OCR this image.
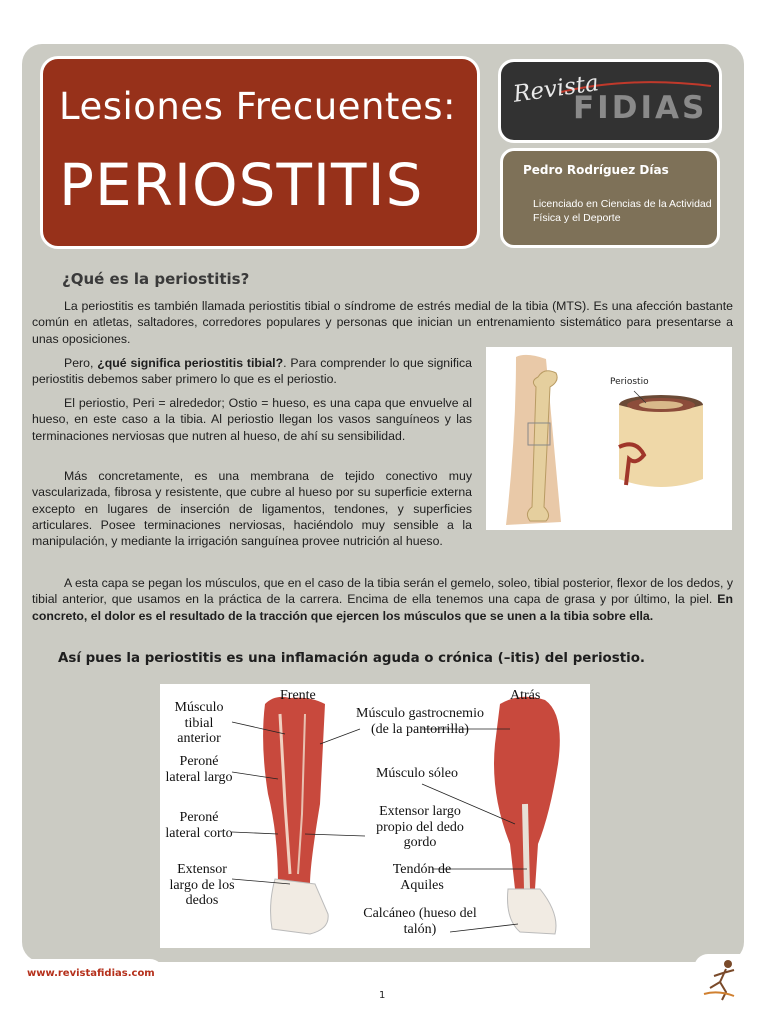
Lesiones Frecuentes:
PERIOSTITIS
Revista
FIDIAS
Pedro Rodríguez Días
Licenciado en Ciencias de la Actividad Física y el Deporte
¿Qué es la periostitis?

La periostitis es también llamada periostitis tibial o síndrome de estrés medial de la tibia (MTS). Es una afección bastante común en atletas, saltadores, corredores populares y personas que inician un entrenamiento sistemático para presentarse a unas oposiciones.

Pero, ¿qué significa periostitis tibial?. Para comprender lo que significa periostitis debemos saber primero lo que es el periostio.

El periostio, Peri = alrededor; Ostio = hueso, es una capa que envuelve al hueso, en este caso a la tibia. Al periostio llegan los vasos sanguíneos y las terminaciones nerviosas que nutren al hueso, de ahí su sensibilidad.

Más concretamente, es una membrana de tejido conectivo muy vascularizada, fibrosa y resistente, que cubre al hueso por su superficie externa excepto en lugares de inserción de ligamentos, tendones, y superficies articulares. Posee terminaciones nerviosas, haciéndolo muy sensible a la manipulación, y mediante la irrigación sanguínea provee nutrición al hueso.

A esta capa se pegan los músculos, que en el caso de la tibia serán el gemelo, soleo, tibial posterior, flexor de los dedos, y tibial anterior, que usamos en la práctica de la carrera. Encima de ella tenemos una capa de grasa y por último, la piel. En concreto, el dolor es el resultado de la tracción que ejercen los músculos que se unen a la tibia sobre ella.

Así pues la periostitis es una inflamación aguda o crónica (–itis) del periostio.
Periostio
Frente	Atrás
Músculo tibial anterior
Peroné lateral largo
Peroné lateral corto
Extensor largo de los dedos
Músculo gastrocnemio (de la pantorrilla)
Músculo sóleo
Extensor largo propio del dedo gordo
Tendón de Aquiles
Calcáneo (hueso del talón)
www.revistafidias.com
1
